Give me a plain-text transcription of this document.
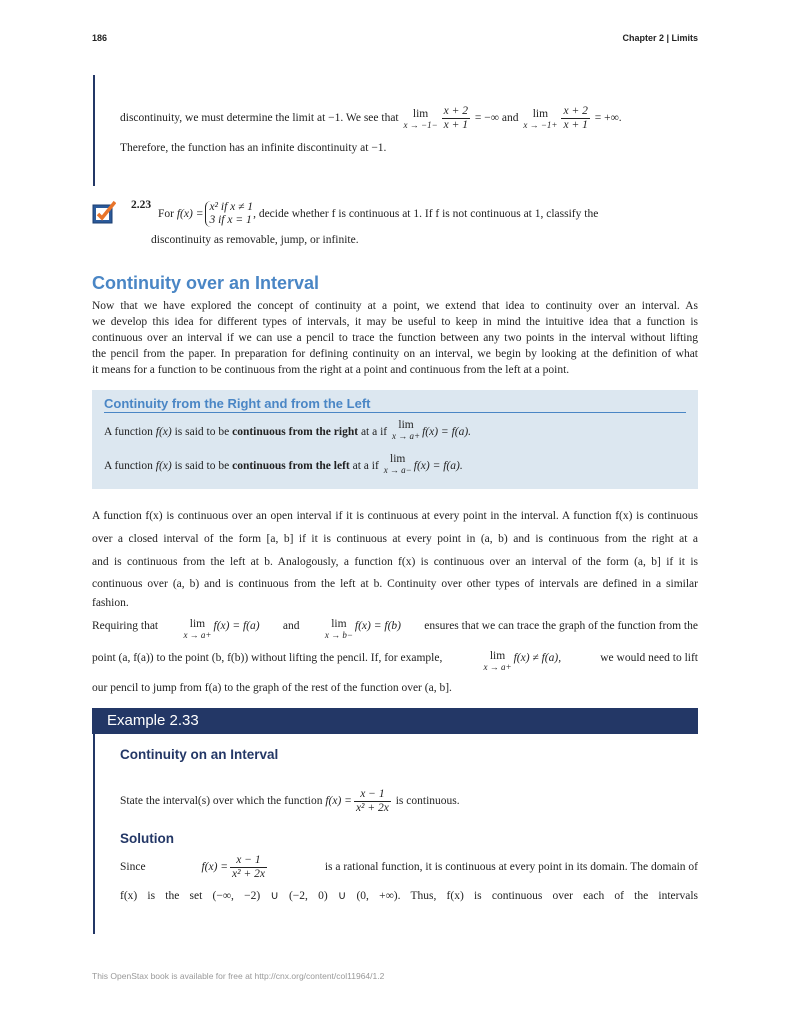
186	Chapter 2 | Limits
discontinuity, we must determine the limit at −1. We see that lim
$x \to -1- \frac{x + 2}{x + 1}$ = −∞ and lim
$x \to -1+ \frac{x + 2}{x + 1}$ = +∞.
Therefore, the function has an infinite discontinuity at −1.
2.23
For f(x) =
x² if x ≠ 1
3 if x = 1
, decide whether f is continuous at 1. If f is not continuous at 1, classify the
discontinuity as removable, jump, or infinite.
Continuity over an Interval
Now that we have explored the concept of continuity at a point, we extend that idea to continuity over an interval. As
we develop this idea for different types of intervals, it may be useful to keep in mind the intuitive idea that a function is
continuous over an interval if we can use a pencil to trace the function between any two points in the interval without lifting
the pencil from the paper. In preparation for defining continuity on an interval, we begin by looking at the definition of what
it means for a function to be continuous from the right at a point and continuous from the left at a point.
Continuity from the Right and from the Left
A function f(x) is said to be continuous from the right at a if lim
x → a+ f(x) = f(a).
A function f(x) is said to be continuous from the left at a if lim
x → a− f(x) = f(a).
A function f(x) is continuous over an open interval if it is continuous at every point in the interval. A function f(x) is continuous
over a closed interval of the form [a, b] if it is continuous at every point in (a, b) and is continuous from the right at a
and is continuous from the left at b. Analogously, a function f(x) is continuous over an interval of the form (a, b] if it is
continuous over (a, b) and is continuous from the left at b. Continuity over other types of intervals are defined in a similar
fashion.
Requiring that	lim
x → a+
f(x) = f(a) and	lim
x → b−
f(x) = f(b) ensures that we can trace the graph of the function from the
point (a, f(a)) to the point (b, f(b)) without lifting the pencil. If, for example,	lim
x → a+
f(x) ≠ f(a),	we would need to lift
our pencil to jump from f(a) to the graph of the rest of the function over (a, b].
Example 2.33
Continuity on an Interval
State the interval(s) over which the function $f(x) = \frac{x - 1}{\text{x² + 2x}}$ is continuous.
Solution
Since	$f(x) = \frac{x - 1}{\text{x² + 2x}}$	is a rational function, it is continuous at every point in its domain. The domain of
f(x) is the set (−∞, −2) ∪ (−2, 0) ∪ (0, +∞). Thus, f(x) is continuous over each of the intervals
This OpenStax book is available for free at http://cnx.org/content/col11964/1.2
